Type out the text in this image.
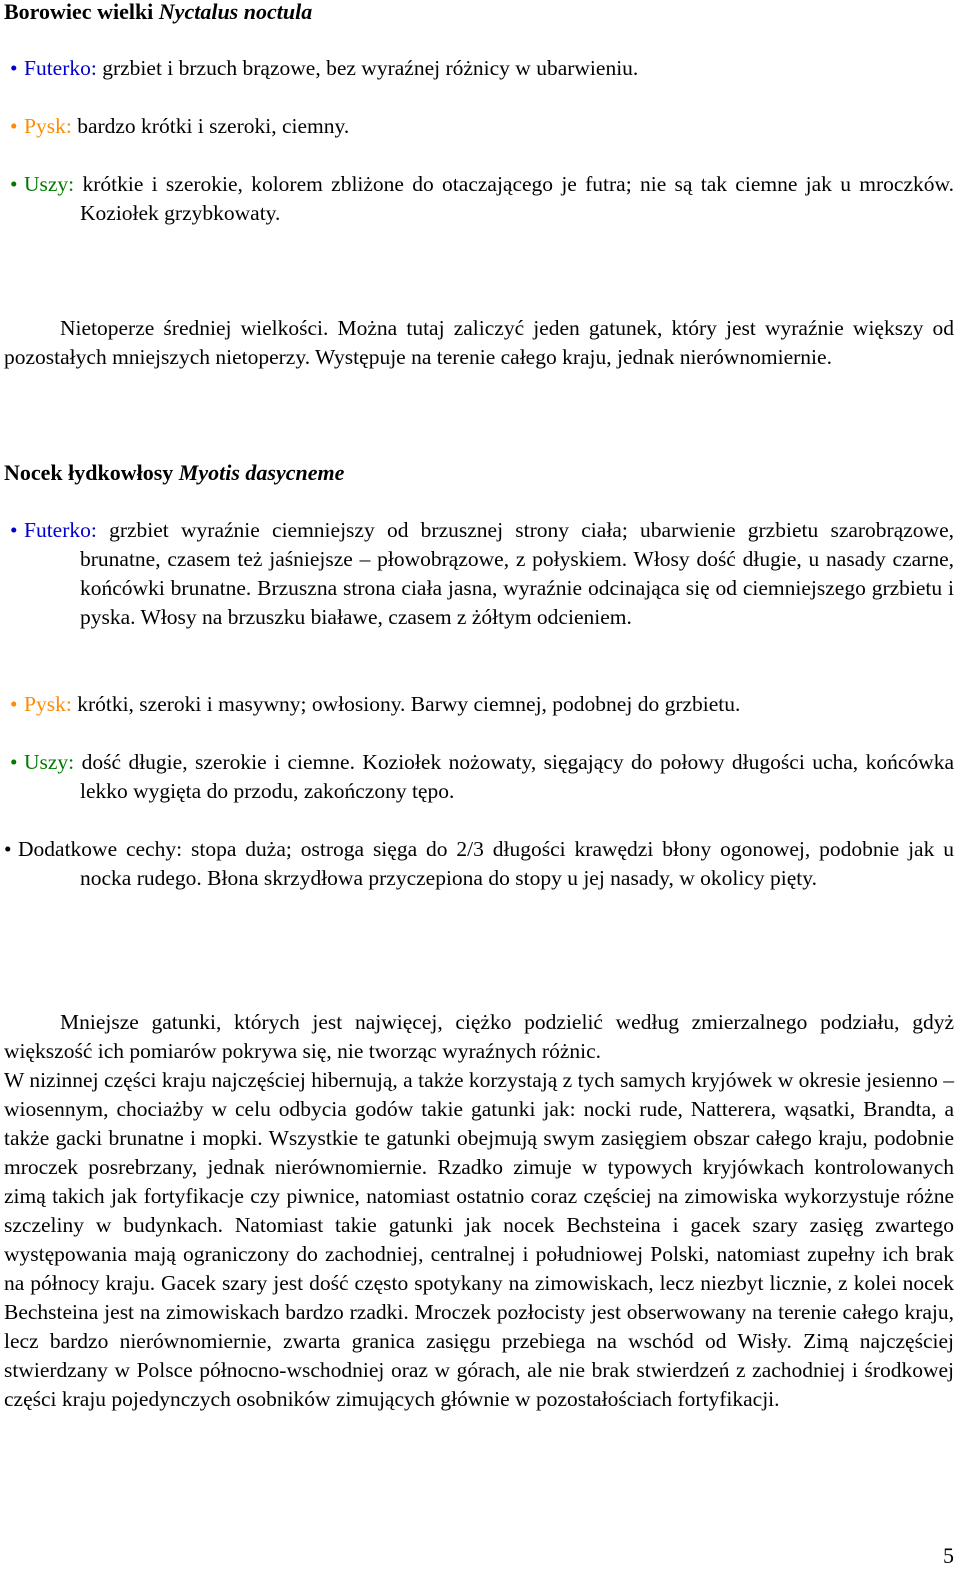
Borowiec wielki Nyctalus noctula
• Futerko: grzbiet i brzuch brązowe, bez wyraźnej różnicy w ubarwieniu.
• Pysk: bardzo krótki i szeroki, ciemny.
• Uszy: krótkie i szerokie, kolorem zbliżone do otaczającego je futra; nie są tak ciemne jak u mroczków. Koziołek grzybkowaty.
Nietoperze średniej wielkości. Można tutaj zaliczyć jeden gatunek, który jest wyraźnie większy od pozostałych mniejszych nietoperzy. Występuje na terenie całego kraju, jednak nierównomiernie.
Nocek łydkowłosy Myotis dasycneme
• Futerko: grzbiet wyraźnie ciemniejszy od brzusznej strony ciała; ubarwienie grzbietu szarobrązowe, brunatne, czasem też jaśniejsze – płowobrązowe, z połyskiem. Włosy dość długie, u nasady czarne, końcówki brunatne. Brzuszna strona ciała jasna, wyraźnie odcinająca się od ciemniejszego grzbietu i pyska. Włosy na brzuszku białawe, czasem z żółtym odcieniem.
• Pysk: krótki, szeroki i masywny; owłosiony. Barwy ciemnej, podobnej do grzbietu.
• Uszy: dość długie, szerokie i ciemne. Koziołek nożowaty, sięgający do połowy długości ucha, końcówka lekko wygięta do przodu, zakończony tępo.
• Dodatkowe cechy: stopa duża; ostroga sięga do 2/3 długości krawędzi błony ogonowej, podobnie jak u nocka rudego. Błona skrzydłowa przyczepiona do stopy u jej nasady, w okolicy pięty.
Mniejsze gatunki, których jest najwięcej, ciężko podzielić według zmierzalnego podziału, gdyż większość ich pomiarów pokrywa się, nie tworząc wyraźnych różnic.
W nizinnej części kraju najczęściej hibernują, a także korzystają z tych samych kryjówek w okresie jesienno – wiosennym, chociażby w celu odbycia godów takie gatunki jak: nocki rude, Natterera, wąsatki, Brandta, a także gacki brunatne i mopki. Wszystkie te gatunki obejmują swym zasięgiem obszar całego kraju, podobnie mroczek posrebrzany, jednak nierównomiernie. Rzadko zimuje w typowych kryjówkach kontrolowanych zimą takich jak fortyfikacje czy piwnice, natomiast ostatnio coraz częściej na zimowiska wykorzystuje różne szczeliny w budynkach. Natomiast takie gatunki jak nocek Bechsteina i gacek szary zasięg zwartego występowania mają ograniczony do zachodniej, centralnej i południowej Polski, natomiast zupełny ich brak na północy kraju. Gacek szary jest dość często spotykany na zimowiskach, lecz niezbyt licznie, z kolei nocek Bechsteina jest na zimowiskach bardzo rzadki. Mroczek pozłocisty jest obserwowany na terenie całego kraju, lecz bardzo nierównomiernie, zwarta granica zasięgu przebiega na wschód od Wisły. Zimą najczęściej stwierdzany w Polsce północno-wschodniej oraz w górach, ale nie brak stwierdzeń z zachodniej i środkowej części kraju pojedynczych osobników zimujących głównie w pozostałościach fortyfikacji.
5
